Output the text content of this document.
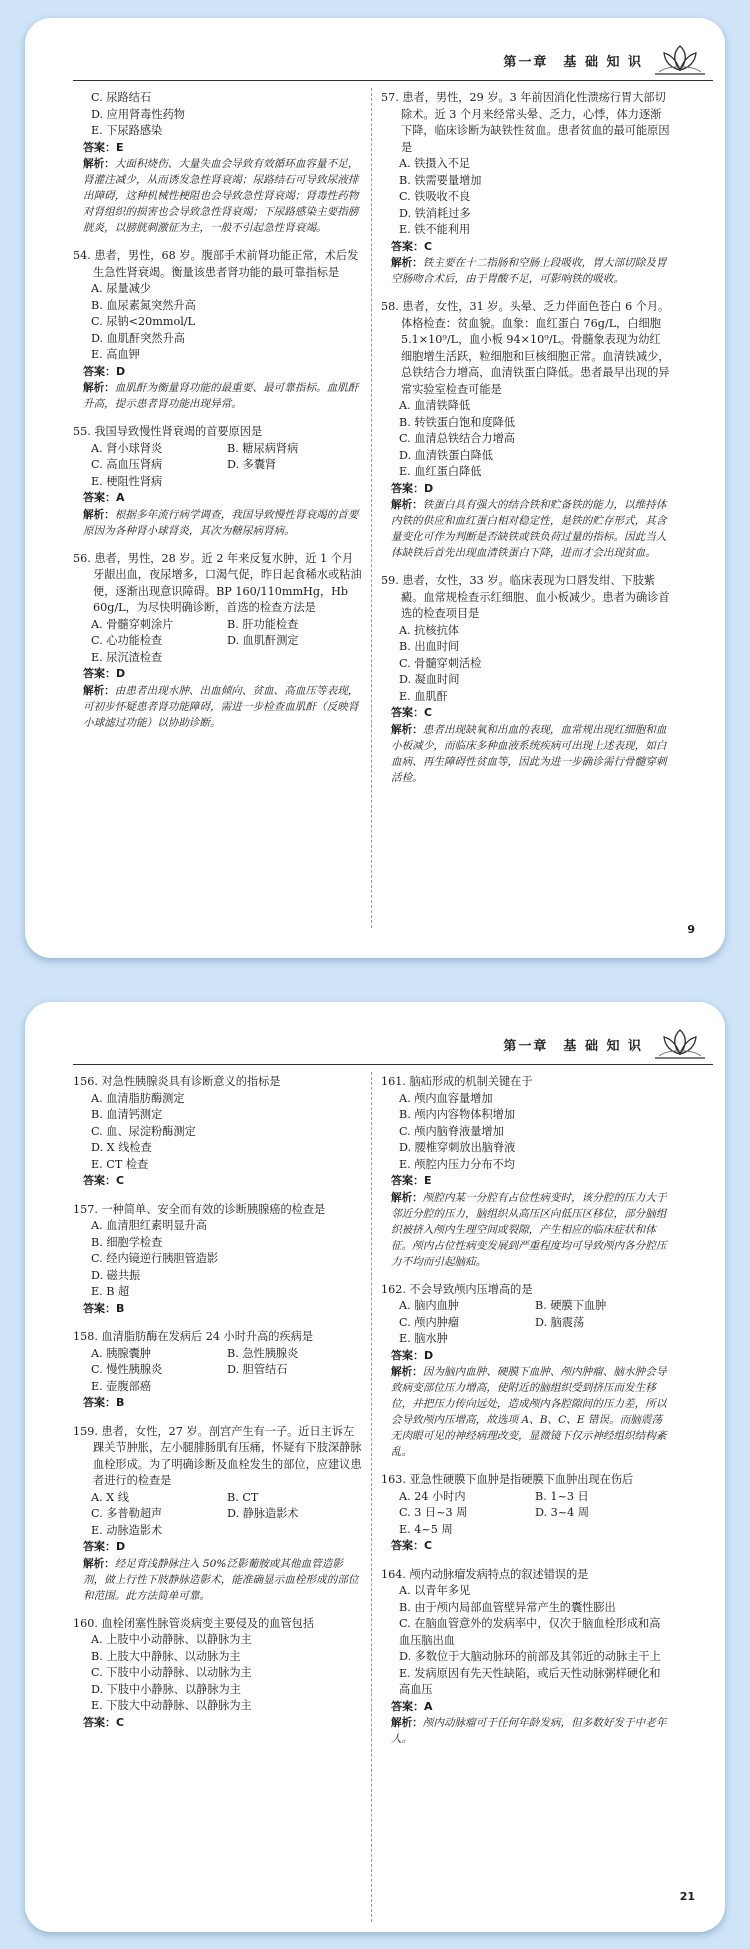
第一章　基 础 知 识
C. 尿路结石
D. 应用肾毒性药物
E. 下尿路感染
答案：E
解析：大面积烧伤、大量失血会导致有效循环血容量不足，肾灌注减少，从而诱发急性肾衰竭；尿路结石可导致尿液排出障碍，这种机械性梗阻也会导致急性肾衰竭；肾毒性药物对肾组织的损害也会导致急性肾衰竭；下尿路感染主要指膀胱炎，以膀胱刺激征为主，一般不引起急性肾衰竭。
54. 患者，男性，68 岁。腹部手术前肾功能正常，术后发生急性肾衰竭。衡量该患者肾功能的最可靠指标是
A. 尿量减少
B. 血尿素氮突然升高
C. 尿钠<20mmol/L
D. 血肌酐突然升高
E. 高血钾
答案：D
解析：血肌酐为衡量肾功能的最重要、最可靠指标。血肌酐升高，提示患者肾功能出现异常。
55. 我国导致慢性肾衰竭的首要原因是
A. 肾小球肾炎	B. 糖尿病肾病
C. 高血压肾病	D. 多囊肾
E. 梗阻性肾病
答案：A
解析：根据多年流行病学调查，我国导致慢性肾衰竭的首要原因为各种肾小球肾炎，其次为糖尿病肾病。
56. 患者，男性，28 岁。近 2 年来反复水肿，近 1 个月牙龈出血，夜尿增多，口渴气促，昨日起食稀水或粘油便，逐渐出现意识障碍。BP 160/110mmHg，Hb 60g/L，为尽快明确诊断，首选的检查方法是
A. 骨髓穿刺涂片	B. 肝功能检查
C. 心功能检查	D. 血肌酐测定
E. 尿沉渣检查
答案：D
解析：由患者出现水肿、出血倾向、贫血、高血压等表现，可初步怀疑患者肾功能障碍，需进一步检查血肌酐（反映肾小球滤过功能）以协助诊断。
57. 患者，男性，29 岁。3 年前因消化性溃疡行胃大部切除术。近 3 个月来经常头晕、乏力，心悸，体力逐渐下降，临床诊断为缺铁性贫血。患者贫血的最可能原因是
A. 铁摄入不足
B. 铁需要量增加
C. 铁吸收不良
D. 铁消耗过多
E. 铁不能利用
答案：C
解析：铁主要在十二指肠和空肠上段吸收，胃大部切除及胃空肠吻合术后，由于胃酸不足，可影响铁的吸收。
58. 患者，女性，31 岁。头晕、乏力伴面色苍白 6 个月。体格检查：贫血貌。血象：血红蛋白 76g/L，白细胞 5.1×10⁹/L，血小板 94×10⁹/L。骨髓象表现为幼红细胞增生活跃，粒细胞和巨核细胞正常。血清铁减少，总铁结合力增高，血清铁蛋白降低。患者最早出现的异常实验室检查可能是
A. 血清铁降低
B. 转铁蛋白饱和度降低
C. 血清总铁结合力增高
D. 血清铁蛋白降低
E. 血红蛋白降低
答案：D
解析：铁蛋白具有强大的结合铁和贮备铁的能力，以维持体内铁的供应和血红蛋白相对稳定性，是铁的贮存形式，其含量变化可作为判断是否缺铁或铁负荷过量的指标。因此当人体缺铁后首先出现血清铁蛋白下降，进而才会出现贫血。
59. 患者，女性，33 岁。临床表现为口唇发绀、下肢紫癜。血常规检查示红细胞、血小板减少。患者为确诊首选的检查项目是
A. 抗核抗体
B. 出血时间
C. 骨髓穿刺活检
D. 凝血时间
E. 血肌酐
答案：C
解析：患者出现缺氧和出血的表现，血常规出现红细胞和血小板减少，而临床多种血液系统疾病可出现上述表现，如白血病、再生障碍性贫血等，因此为进一步确诊需行骨髓穿刺活检。
9
第一章　基 础 知 识
156. 对急性胰腺炎具有诊断意义的指标是
A. 血清脂肪酶测定
B. 血清钙测定
C. 血、尿淀粉酶测定
D. X 线检查
E. CT 检查
答案：C
157. 一种简单、安全而有效的诊断胰腺癌的检查是
A. 血清胆红素明显升高
B. 细胞学检查
C. 经内镜逆行胰胆管造影
D. 磁共振
E. B 超
答案：B
158. 血清脂肪酶在发病后 24 小时升高的疾病是
A. 胰腺囊肿	B. 急性胰腺炎
C. 慢性胰腺炎	D. 胆管结石
E. 壶腹部癌
答案：B
159. 患者，女性，27 岁。剖宫产生有一子。近日主诉左踝关节肿胀，左小腿腓肠肌有压痛，怀疑有下肢深静脉血栓形成。为了明确诊断及血栓发生的部位，应建议患者进行的检查是
A. X 线	B. CT
C. 多普勒超声	D. 静脉造影术
E. 动脉造影术
答案：D
解析：经足背浅静脉注入 50%泛影葡胺或其他血管造影剂，做上行性下肢静脉造影术，能准确显示血栓形成的部位和范围。此方法简单可靠。
160. 血栓闭塞性脉管炎病变主要侵及的血管包括
A. 上肢中小动静脉、以静脉为主
B. 上肢大中静脉、以动脉为主
C. 下肢中小动静脉、以动脉为主
D. 下肢中小静脉、以静脉为主
E. 下肢大中动静脉、以静脉为主
答案：C
161. 脑疝形成的机制关键在于
A. 颅内血容量增加
B. 颅内内容物体积增加
C. 颅内脑脊液量增加
D. 腰椎穿刺放出脑脊液
E. 颅腔内压力分布不均
答案：E
解析：颅腔内某一分腔有占位性病变时，该分腔的压力大于邻近分腔的压力，脑组织从高压区向低压区移位，部分脑组织被挤入颅内生理空间或裂隙，产生相应的临床症状和体征。颅内占位性病变发展到严重程度均可导致颅内各分腔压力不均而引起脑疝。
162. 不会导致颅内压增高的是
A. 脑内血肿	B. 硬膜下血肿
C. 颅内肿瘤	D. 脑震荡
E. 脑水肿
答案：D
解析：因为脑内血肿、硬膜下血肿、颅内肿瘤、脑水肿会导致病变部位压力增高，使附近的脑组织受到挤压而发生移位，并把压力传向远处，造成颅内各腔隙间的压力差，所以会导致颅内压增高，故选项 A、B、C、E 错误。而脑震荡无肉眼可见的神经病理改变，显微镜下仅示神经组织结构紊乱。
163. 亚急性硬膜下血肿是指硬膜下血肿出现在伤后
A. 24 小时内	B. 1~3 日
C. 3 日~3 周	D. 3~4 周
E. 4~5 周
答案：C
164. 颅内动脉瘤发病特点的叙述错误的是
A. 以青年多见
B. 由于颅内局部血管壁异常产生的囊性膨出
C. 在脑血管意外的发病率中，仅次于脑血栓形成和高血压脑出血
D. 多数位于大脑动脉环的前部及其邻近的动脉主干上
E. 发病原因有先天性缺陷，或后天性动脉粥样硬化和高血压
答案：A
解析：颅内动脉瘤可于任何年龄发病，但多数好发于中老年人。
21
